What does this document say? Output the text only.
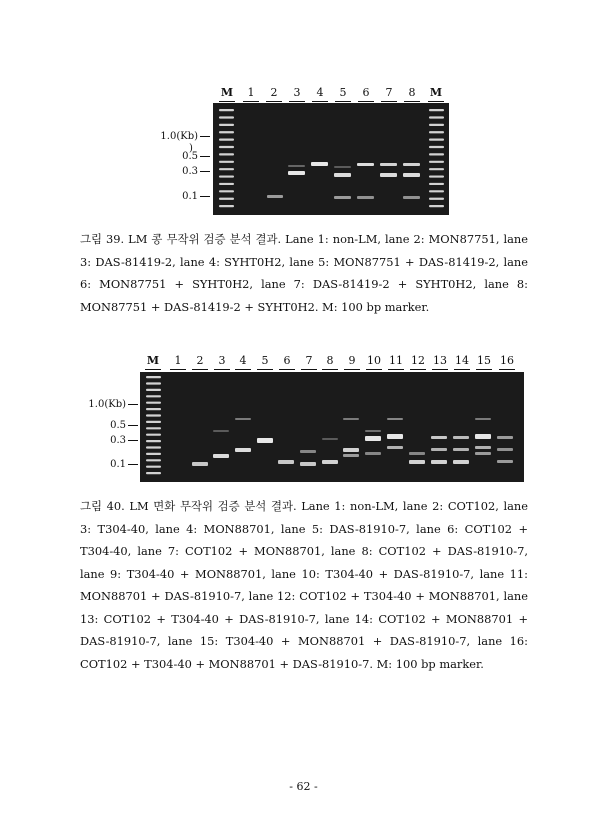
M	1	2	3	4	5	6	7	8	M
1.0(Kb)
)
0.5
0.3
0.1
그림 39. LM 콩 무작위 검증 분석 결과. Lane 1: non-LM, lane 2: MON87751, lane 3: DAS-81419-2, lane 4: SYHT0H2, lane 5: MON87751 + DAS-81419-2, lane 6: MON87751 + SYHT0H2, lane 7: DAS-81419-2 + SYHT0H2, lane 8: MON87751 + DAS-81419-2 + SYHT0H2. M: 100 bp marker.
M	1	2	3	4	5	6	7	8	9	10 11 12 13 14 15 16
1.0(Kb)
0.5
0.3
0.1
그림 40. LM 면화 무작위 검증 분석 결과. Lane 1: non-LM, lane 2: COT102, lane 3: T304-40, lane 4: MON88701, lane 5: DAS-81910-7, lane 6: COT102 + T304-40, lane 7: COT102 + MON88701, lane 8: COT102 + DAS-81910-7, lane 9: T304-40 + MON88701, lane 10: T304-40 + DAS-81910-7, lane 11: MON88701 + DAS-81910-7, lane 12: COT102 + T304-40 + MON88701, lane 13: COT102 + T304-40 + DAS-81910-7, lane 14: COT102 + MON88701 + DAS-81910-7, lane 15: T304-40 + MON88701 + DAS-81910-7, lane 16: COT102 + T304-40 + MON88701 + DAS-81910-7. M: 100 bp marker.
- 62 -
